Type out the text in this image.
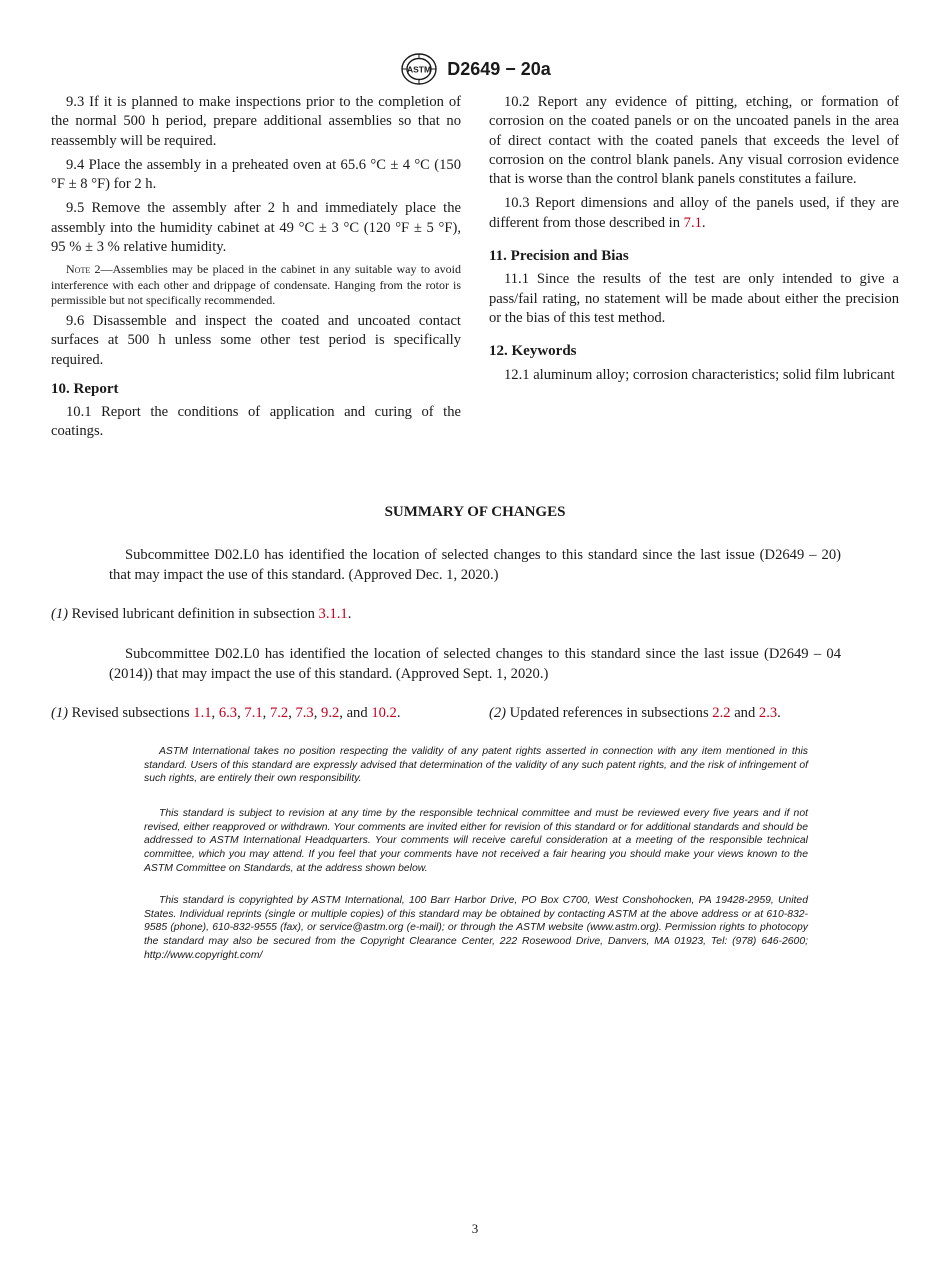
ASTM D2649 − 20a

9.3 If it is planned to make inspections prior to the completion of the normal 500 h period, prepare additional assemblies so that no reassembly will be required.

9.4 Place the assembly in a preheated oven at 65.6 °C ± 4 °C (150 °F ± 8 °F) for 2 h.

9.5 Remove the assembly after 2 h and immediately place the assembly into the humidity cabinet at 49 °C ± 3 °C (120 °F ± 5 °F), 95 % ± 3 % relative humidity.

Note 2—Assemblies may be placed in the cabinet in any suitable way to avoid interference with each other and drippage of condensate. Hanging from the rotor is permissible but not specifically recommended.

9.6 Disassemble and inspect the coated and uncoated contact surfaces at 500 h unless some other test period is specifically required.

10. Report

10.1 Report the conditions of application and curing of the coatings.

10.2 Report any evidence of pitting, etching, or formation of corrosion on the coated panels or on the uncoated panels in the area of direct contact with the coated panels that exceeds the level of corrosion on the control blank panels. Any visual corrosion evidence that is worse than the control blank panels constitutes a failure.

10.3 Report dimensions and alloy of the panels used, if they are different from those described in 7.1.

11. Precision and Bias

11.1 Since the results of the test are only intended to give a pass/fail rating, no statement will be made about either the precision or the bias of this test method.

12. Keywords

12.1 aluminum alloy; corrosion characteristics; solid film lubricant

SUMMARY OF CHANGES

Subcommittee D02.L0 has identified the location of selected changes to this standard since the last issue (D2649 – 20) that may impact the use of this standard. (Approved Dec. 1, 2020.)

(1) Revised lubricant definition in subsection 3.1.1.

Subcommittee D02.L0 has identified the location of selected changes to this standard since the last issue (D2649 – 04 (2014)) that may impact the use of this standard. (Approved Sept. 1, 2020.)

(1) Revised subsections 1.1, 6.3, 7.1, 7.2, 7.3, 9.2, and 10.2.	(2) Updated references in subsections 2.2 and 2.3.

ASTM International takes no position respecting the validity of any patent rights asserted in connection with any item mentioned in this standard. Users of this standard are expressly advised that determination of the validity of any such patent rights, and the risk of infringement of such rights, are entirely their own responsibility.

This standard is subject to revision at any time by the responsible technical committee and must be reviewed every five years and if not revised, either reapproved or withdrawn. Your comments are invited either for revision of this standard or for additional standards and should be addressed to ASTM International Headquarters. Your comments will receive careful consideration at a meeting of the responsible technical committee, which you may attend. If you feel that your comments have not received a fair hearing you should make your views known to the ASTM Committee on Standards, at the address shown below.

This standard is copyrighted by ASTM International, 100 Barr Harbor Drive, PO Box C700, West Conshohocken, PA 19428-2959, United States. Individual reprints (single or multiple copies) of this standard may be obtained by contacting ASTM at the above address or at 610-832-9585 (phone), 610-832-9555 (fax), or service@astm.org (e-mail); or through the ASTM website (www.astm.org). Permission rights to photocopy the standard may also be secured from the Copyright Clearance Center, 222 Rosewood Drive, Danvers, MA 01923, Tel: (978) 646-2600; http://www.copyright.com/

3
